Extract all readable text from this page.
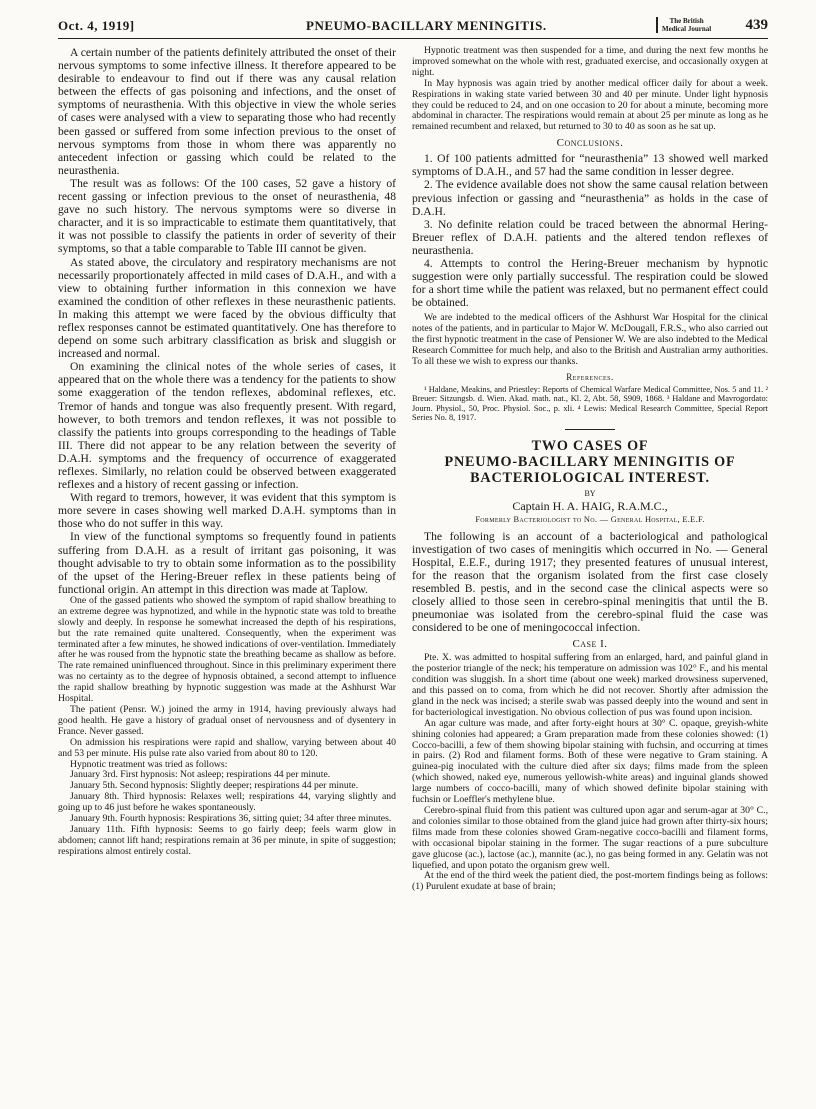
Oct. 4, 1919]	PNEUMO-BACILLARY MENINGITIS.	The British
Medical Journal 439

A certain number of the patients definitely attributed the onset of their nervous symptoms to some infective illness. It therefore appeared to be desirable to endeavour to find out if there was any causal relation between the effects of gas poisoning and infections, and the onset of symptoms of neurasthenia. With this objective in view the whole series of cases were analysed with a view to separating those who had recently been gassed or suffered from some infection previous to the onset of nervous symptoms from those in whom there was apparently no antecedent infection or gassing which could be related to the neurasthenia.

The result was as follows: Of the 100 cases, 52 gave a history of recent gassing or infection previous to the onset of neurasthenia, 48 gave no such history. The nervous symptoms were so diverse in character, and it is so impracticable to estimate them quantitatively, that it was not possible to classify the patients in order of severity of their symptoms, so that a table comparable to Table III cannot be given.

As stated above, the circulatory and respiratory mechanisms are not necessarily proportionately affected in mild cases of D.A.H., and with a view to obtaining further information in this connexion we have examined the condition of other reflexes in these neurasthenic patients. In making this attempt we were faced by the obvious difficulty that reflex responses cannot be estimated quantitatively. One has therefore to depend on some such arbitrary classification as brisk and sluggish or increased and normal.

On examining the clinical notes of the whole series of cases, it appeared that on the whole there was a tendency for the patients to show some exaggeration of the tendon reflexes, abdominal reflexes, etc. Tremor of hands and tongue was also frequently present. With regard, however, to both tremors and tendon reflexes, it was not possible to classify the patients into groups corresponding to the headings of Table III. There did not appear to be any relation between the severity of D.A.H. symptoms and the frequency of occurrence of exaggerated reflexes. Similarly, no relation could be observed between exaggerated reflexes and a history of recent gassing or infection.

With regard to tremors, however, it was evident that this symptom is more severe in cases showing well marked D.A.H. symptoms than in those who do not suffer in this way.

In view of the functional symptoms so frequently found in patients suffering from D.A.H. as a result of irritant gas poisoning, it was thought advisable to try to obtain some information as to the possibility of the upset of the Hering-Breuer reflex in these patients being of functional origin. An attempt in this direction was made at Taplow.

One of the gassed patients who showed the symptom of rapid shallow breathing to an extreme degree was hypnotized, and while in the hypnotic state was told to breathe slowly and deeply. In response he somewhat increased the depth of his respirations, but the rate remained quite unaltered. Consequently, when the experiment was terminated after a few minutes, he showed indications of over-ventilation. Immediately after he was roused from the hypnotic state the breathing became as shallow as before. The rate remained uninfluenced throughout. Since in this preliminary experiment there was no certainty as to the degree of hypnosis obtained, a second attempt to influence the rapid shallow breathing by hypnotic suggestion was made at the Ashhurst War Hospital.

The patient (Pensr. W.) joined the army in 1914, having previously always had good health. He gave a history of gradual onset of nervousness and of dysentery in France. Never gassed.

On admission his respirations were rapid and shallow, varying between about 40 and 53 per minute. His pulse rate also varied from about 80 to 120.

Hypnotic treatment was tried as follows:

January 3rd. First hypnosis: Not asleep; respirations 44 per minute.

January 5th. Second hypnosis: Slightly deeper; respirations 44 per minute.

January 8th. Third hypnosis: Relaxes well; respirations 44, varying slightly and going up to 46 just before he wakes spontaneously.

January 9th. Fourth hypnosis: Respirations 36, sitting quiet; 34 after three minutes.

January 11th. Fifth hypnosis: Seems to go fairly deep; feels warm glow in abdomen; cannot lift hand; respirations remain at 36 per minute, in spite of suggestion; respirations almost entirely costal.

Hypnotic treatment was then suspended for a time, and during the next few months he improved somewhat on the whole with rest, graduated exercise, and occasionally oxygen at night.

In May hypnosis was again tried by another medical officer daily for about a week. Respirations in waking state varied between 30 and 40 per minute. Under light hypnosis they could be reduced to 24, and on one occasion to 20 for about a minute, becoming more abdominal in character. The respirations would remain at about 25 per minute as long as he remained recumbent and relaxed, but returned to 30 to 40 as soon as he sat up.

Conclusions.

1. Of 100 patients admitted for “neurasthenia” 13 showed well marked symptoms of D.A.H., and 57 had the same condition in lesser degree.

2. The evidence available does not show the same causal relation between previous infection or gassing and “neurasthenia” as holds in the case of D.A.H.

3. No definite relation could be traced between the abnormal Hering-Breuer reflex of D.A.H. patients and the altered tendon reflexes of neurasthenia.

4. Attempts to control the Hering-Breuer mechanism by hypnotic suggestion were only partially successful. The respiration could be slowed for a short time while the patient was relaxed, but no permanent effect could be obtained.

We are indebted to the medical officers of the Ashhurst War Hospital for the clinical notes of the patients, and in particular to Major W. McDougall, F.R.S., who also carried out the first hypnotic treatment in the case of Pensioner W. We are also indebted to the Medical Research Committee for much help, and also to the British and Australian army authorities. To all these we wish to express our thanks.

References.

¹ Haldane, Meakins, and Priestley: Reports of Chemical Warfare Medical Committee, Nos. 5 and 11. ² Breuer: Sitzungsb. d. Wien. Akad. math. nat., Kl. 2, Abt. 58, S909, 1868. ³ Haldane and Mavrogordato: Journ. Physiol., 50, Proc. Physiol. Soc., p. xli. ⁴ Lewis: Medical Research Committee, Special Report Series No. 8, 1917.

TWO CASES OF
PNEUMO-BACILLARY MENINGITIS OF
BACTERIOLOGICAL INTEREST.
BY
Captain H. A. HAIG, R.A.M.C.,
Formerly Bacteriologist to No. — General Hospital, E.E.F.

The following is an account of a bacteriological and pathological investigation of two cases of meningitis which occurred in No. — General Hospital, E.E.F., during 1917; they presented features of unusual interest, for the reason that the organism isolated from the first case closely resembled B. pestis, and in the second case the clinical aspects were so closely allied to those seen in cerebro-spinal meningitis that until the B. pneumoniae was isolated from the cerebro-spinal fluid the case was considered to be one of meningococcal infection.

Case I.

Pte. X. was admitted to hospital suffering from an enlarged, hard, and painful gland in the posterior triangle of the neck; his temperature on admission was 102° F., and his mental condition was sluggish. In a short time (about one week) marked drowsiness supervened, and this passed on to coma, from which he did not recover. Shortly after admission the gland in the neck was incised; a sterile swab was passed deeply into the wound and sent in for bacteriological investigation. No obvious collection of pus was found upon incision.

An agar culture was made, and after forty-eight hours at 30° C. opaque, greyish-white shining colonies had appeared; a Gram preparation made from these colonies showed: (1) Cocco-bacilli, a few of them showing bipolar staining with fuchsin, and occurring at times in pairs. (2) Rod and filament forms. Both of these were negative to Gram staining. A guinea-pig inoculated with the culture died after six days; films made from the spleen (which showed, naked eye, numerous yellowish-white areas) and inguinal glands showed large numbers of cocco-bacilli, many of which showed definite bipolar staining with fuchsin or Loeffler's methylene blue.

Cerebro-spinal fluid from this patient was cultured upon agar and serum-agar at 30° C., and colonies similar to those obtained from the gland juice had grown after thirty-six hours; films made from these colonies showed Gram-negative cocco-bacilli and filament forms, with occasional bipolar staining in the former. The sugar reactions of a pure subculture gave glucose (ac.), lactose (ac.), mannite (ac.), no gas being formed in any. Gelatin was not liquefied, and upon potato the organism grew well.

At the end of the third week the patient died, the post-mortem findings being as follows: (1) Purulent exudate at base of brain;
